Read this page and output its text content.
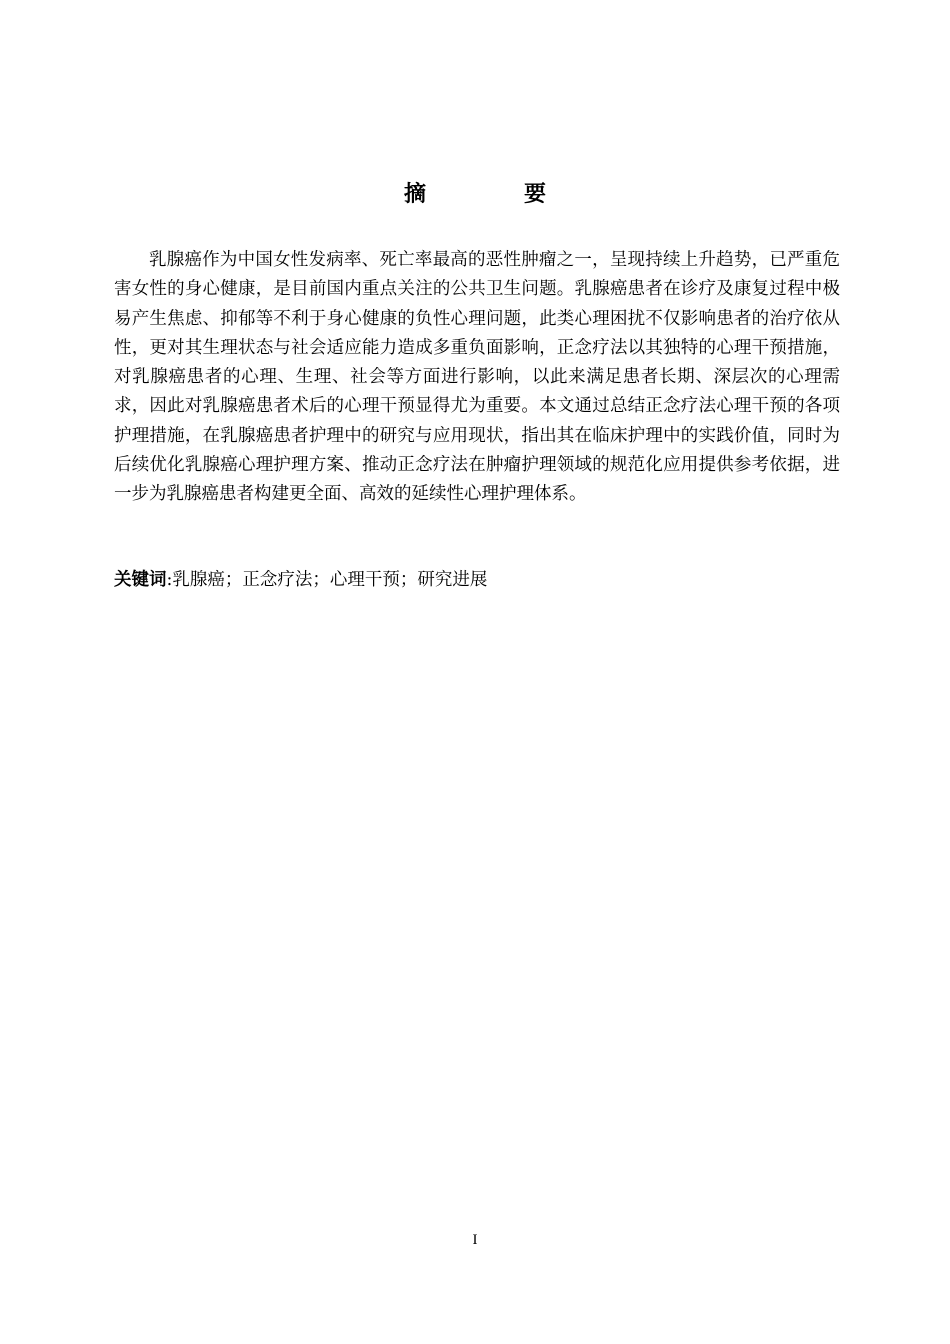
摘　要

乳腺癌作为中国女性发病率、死亡率最高的恶性肿瘤之一，呈现持续上升趋势，已严重危害女性的身心健康，是目前国内重点关注的公共卫生问题。乳腺癌患者在诊疗及康复过程中极易产生焦虑、抑郁等不利于身心健康的负性心理问题，此类心理困扰不仅影响患者的治疗依从性，更对其生理状态与社会适应能力造成多重负面影响，正念疗法以其独特的心理干预措施，对乳腺癌患者的心理、生理、社会等方面进行影响，以此来满足患者长期、深层次的心理需求，因此对乳腺癌患者术后的心理干预显得尤为重要。本文通过总结正念疗法心理干预的各项护理措施，在乳腺癌患者护理中的研究与应用现状，指出其在临床护理中的实践价值，同时为后续优化乳腺癌心理护理方案、推动正念疗法在肿瘤护理领域的规范化应用提供参考依据，进一步为乳腺癌患者构建更全面、高效的延续性心理护理体系。

关键词:乳腺癌；正念疗法；心理干预；研究进展
I
